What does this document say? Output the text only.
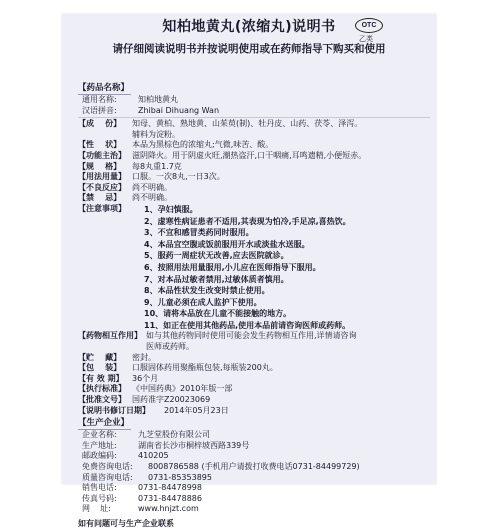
知柏地黄丸(浓缩丸)说明书	OTC
乙类
请仔细阅读说明书并按说明使用或在药师指导下购买和使用
【药品名称】
通用名称:	知柏地黄丸
汉语拼音:	Zhibai Dihuang Wan
【成    份】	知母、黄柏、熟地黄、山茱萸(制)、牡丹皮、山药、茯苓、泽泻。
辅料为淀粉。
【性    状】	本品为黑棕色的浓缩丸;气微,味苦、酸。
【功能主治】 滋阴降火。用于阴虚火旺,潮热盗汗,口干咽痛,耳鸣遗精,小便短赤。
【规    格】	每8丸重1.7克
【用法用量】 口服。一次8丸,一日3次。
【不良反应】 尚不明确。
【禁    忌】	尚不明确。
【注意事项】	1、孕妇慎服。
2、虚寒性病证患者不适用,其表现为怕冷,手足凉,喜热饮。
3、不宜和感冒类药同时服用。
4、本品宜空腹或饭前服用开水或淡盐水送服。
5、服药一周症状无改善,应去医院就诊。
6、按照用法用量服用,小儿应在医师指导下服用。
7、对本品过敏者禁用,过敏体质者慎用。
8、本品性状发生改变时禁止使用。
9、儿童必须在成人监护下使用。
10、请将本品放在儿童不能接触的地方。
11、如正在使用其他药品,使用本品前请咨询医师或药师。
【药物相互作用】 如与其他药物同时使用可能会发生药物相互作用,详情请咨询
医师或药师。
【贮    藏】	密封。
【包    装】	口服固体药用聚酯瓶包装,每瓶装200丸。
【有 效 期】	36个月
【执行标准】 《中国药典》2010年版一部
【批准文号】 国药准字Z20023069
【说明书修订日期】	2014年05月23日
【生产企业】
企业名称:	九芝堂股份有限公司
生产地址:	湖南省长沙市桐梓坡西路339号
邮政编码:	410205
免费咨询电话:	8008786588 (手机用户请拨打收费电话0731-84499729)
质量咨询电话:	0731-85353895
销售电话:	0731-84478998
传真号码:	0731-84478886
网    址:	www.hnjzt.com
如有问题可与生产企业联系
